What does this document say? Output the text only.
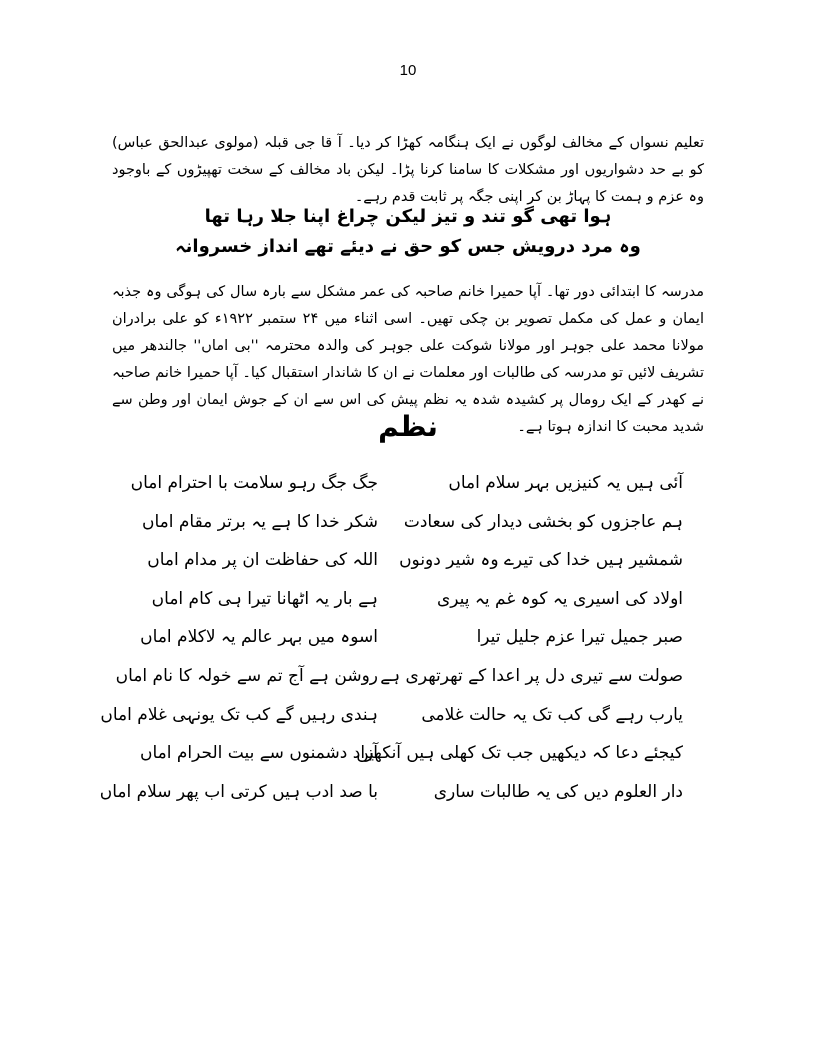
10

تعلیم نسواں کے مخالف لوگوں نے ایک ہنگامہ کھڑا کر دیا۔ آ قا جی قبلہ (مولوی عبدالحق عباس) کو بے حد دشواریوں اور مشکلات کا سامنا کرنا پڑا۔ لیکن باد مخالف کے سخت تھپیڑوں کے باوجود وہ عزم و ہمت کا پہاڑ بن کر اپنی جگہ پر ثابت قدم رہے۔

ہوا تھی گو تند و تیز لیکن چراغ اپنا جلا رہا تھا
وہ مرد درویش جس کو حق نے دیئے تھے انداز خسروانہ

مدرسہ کا ابتدائی دور تھا۔ آپا حمیرا خانم صاحبہ کی عمر مشکل سے بارہ سال کی ہوگی وہ جذبہ ایمان و عمل کی مکمل تصویر بن چکی تھیں۔ اسی اثناء میں ۲۴ ستمبر ۱۹۲۲ء کو علی برادران مولانا محمد علی جوہر اور مولانا شوکت علی جوہر کی والدہ محترمہ ''بی اماں'' جالندھر میں تشریف لائیں تو مدرسہ کی طالبات اور معلمات نے ان کا شاندار استقبال کیا۔ آپا حمیرا خانم صاحبہ نے کھدر کے ایک رومال پر کشیدہ شدہ یہ نظم پیش کی اس سے ان کے جوش ایمان اور وطن سے شدید محبت کا اندازہ ہوتا ہے۔

نظم
آئی ہیں یہ کنیزیں بہر سلام اماں
جگ جگ رہو سلامت با احترام اماں
ہم عاجزوں کو بخشی دیدار کی سعادت
شکر خدا کا ہے یہ برتر مقام اماں
شمشیر ہیں خدا کی تیرے وہ شیر دونوں
اللہ کی حفاظت ان پر مدام اماں
اولاد کی اسیری یہ کوہ غم یہ پیری
ہے بار یہ اٹھانا تیرا ہی کام اماں
صبر جمیل تیرا عزم جلیل تیرا
اسوہ میں بہر عالم یہ لاکلام اماں
صولت سے تیری دل پر اعدا کے تھرتھری ہے
روشن ہے آج تم سے خولہ کا نام اماں
یارب رہے گی کب تک یہ حالت غلامی
ہندی رہیں گے کب تک یونہی غلام اماں
کیجئے دعا کہ دیکھیں جب تک کھلی ہیں آنکھیں
آزاد دشمنوں سے بیت الحرام اماں
دار العلوم دیں کی یہ طالبات ساری
با صد ادب ہیں کرتی اب پھر سلام اماں
